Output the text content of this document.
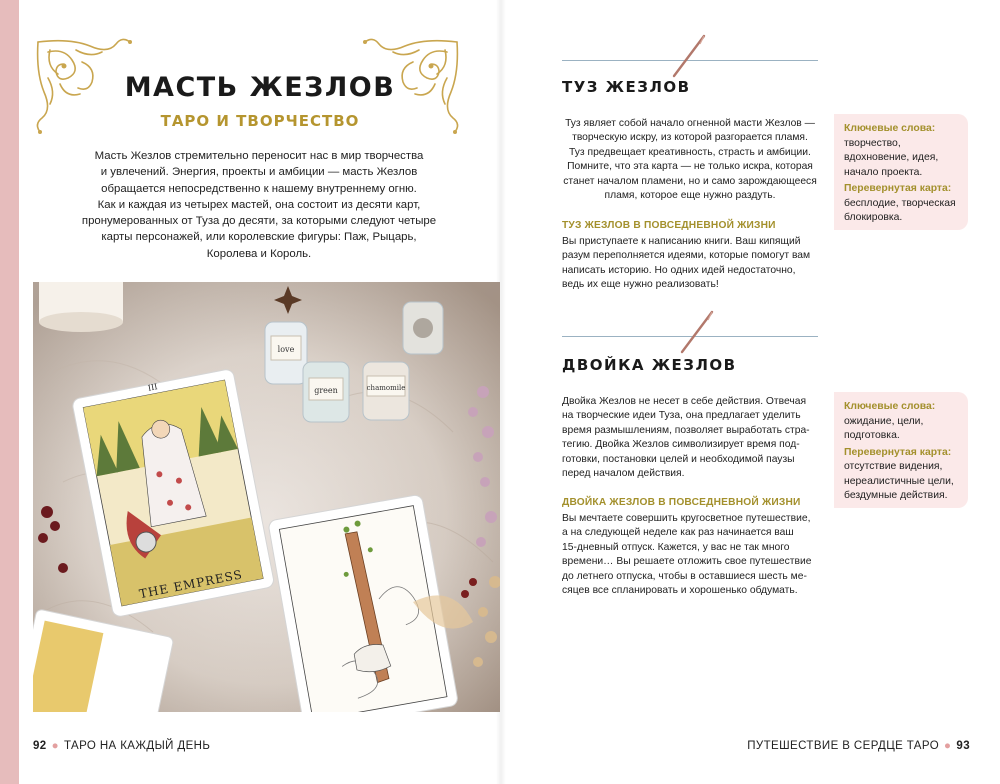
МАСТЬ ЖЕЗЛОВ
ТАРО И ТВОРЧЕСТВО

Масть Жезлов стремительно переносит нас в мир творчества
и увлечений. Энергия, проекты и амбиции — масть Жезлов
обращается непосредственно к нашему внутреннему огню.
Как и каждая из четырех мастей, она состоит из десяти карт,
пронумерованных от Туза до десяти, за которыми следуют четыре
карты персонажей, или королевские фигуры: Паж, Рыцарь,
Королева и Король.

love
green	сhamomile
III
THE EMPRESS
92 ● ТАРО НА КАЖДЫЙ ДЕНЬ	ПУТЕШЕСТВИЕ В СЕРДЦЕ ТАРО ● 93
ТУЗ ЖЕЗЛОВ

Туз являет собой начало огненной масти Жезлов —
творческую искру, из которой разгорается пламя.
Туз предвещает креативность, страсть и амбиции.
Помните, что эта карта — не только искра, которая
станет началом пламени, но и само зарождающееся
пламя, которое еще нужно раздуть.

ТУЗ ЖЕЗЛОВ В ПОВСЕДНЕВНОЙ ЖИЗНИ

Вы приступаете к написанию книги. Ваш кипящий
разум переполняется идеями, которые помогут вам
написать историю. Но одних идей недостаточно,
ведь их еще нужно реализовать!

Ключевые слова:

творчество,
вдохновение, идея,
начало проекта.

Перевернутая карта:

бесплодие, творческая
блокировка.

ДВОЙКА ЖЕЗЛОВ

Двойка Жезлов не несет в себе действия. Отвечая
на творческие идеи Туза, она предлагает уделить
время размышлениям, позволяет выработать стра-
тегию. Двойка Жезлов символизирует время под-
готовки, постановки целей и необходимой паузы
перед началом действия.

ДВОЙКА ЖЕЗЛОВ В ПОВСЕДНЕВНОЙ ЖИЗНИ

Вы мечтаете совершить кругосветное путешествие,
а на следующей неделе как раз начинается ваш
15-дневный отпуск. Кажется, у вас не так много
времени… Вы решаете отложить свое путешествие
до летнего отпуска, чтобы в оставшиеся шесть ме-
сяцев все спланировать и хорошенько обдумать.

Ключевые слова:

ожидание, цели,
подготовка.

Перевернутая карта:

отсутствие видения,
нереалистичные цели,
бездумные действия.
